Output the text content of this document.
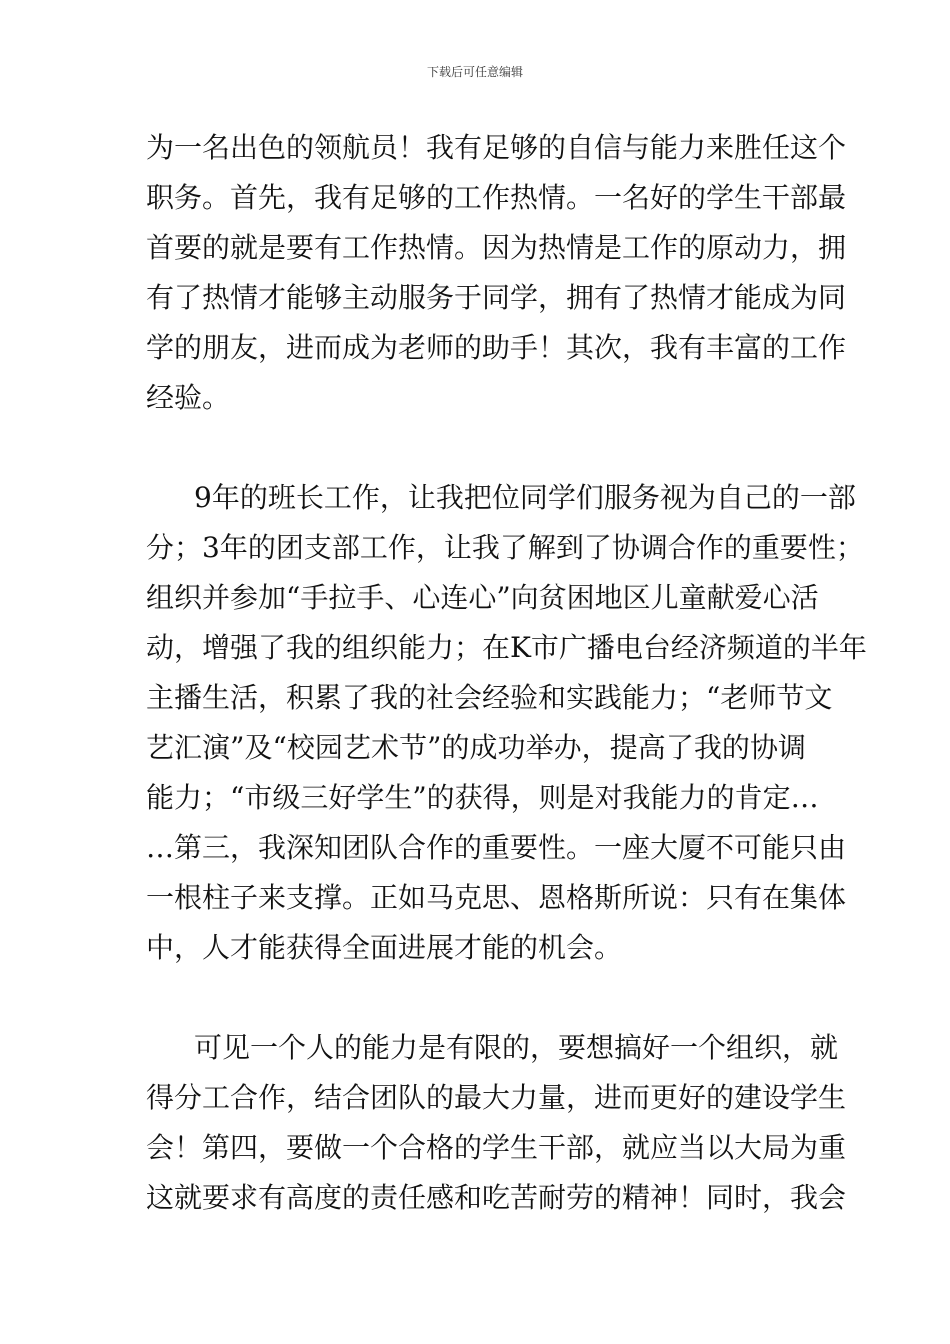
下载后可任意编辑
为一名出色的领航员！我有足够的自信与能力来胜任这个
职务。首先，我有足够的工作热情。一名好的学生干部最
首要的就是要有工作热情。因为热情是工作的原动力，拥
有了热情才能够主动服务于同学，拥有了热情才能成为同
学的朋友，进而成为老师的助手！其次，我有丰富的工作
经验。
9年的班长工作，让我把位同学们服务视为自己的一部
分；3年的团支部工作，让我了解到了协调合作的重要性；
组织并参加“手拉手、心连心”向贫困地区儿童献爱心活
动，增强了我的组织能力；在K市广播电台经济频道的半年
主播生活，积累了我的社会经验和实践能力；“老师节文
艺汇演”及“校园艺术节”的成功举办，提高了我的协调
能力；“市级三好学生”的获得，则是对我能力的肯定…
…第三，我深知团队合作的重要性。一座大厦不可能只由
一根柱子来支撑。正如马克思、恩格斯所说：只有在集体
中，人才能获得全面进展才能的机会。
可见一个人的能力是有限的，要想搞好一个组织，就
得分工合作，结合团队的最大力量，进而更好的建设学生
会！第四，要做一个合格的学生干部，就应当以大局为重
这就要求有高度的责任感和吃苦耐劳的精神！同时，我会
